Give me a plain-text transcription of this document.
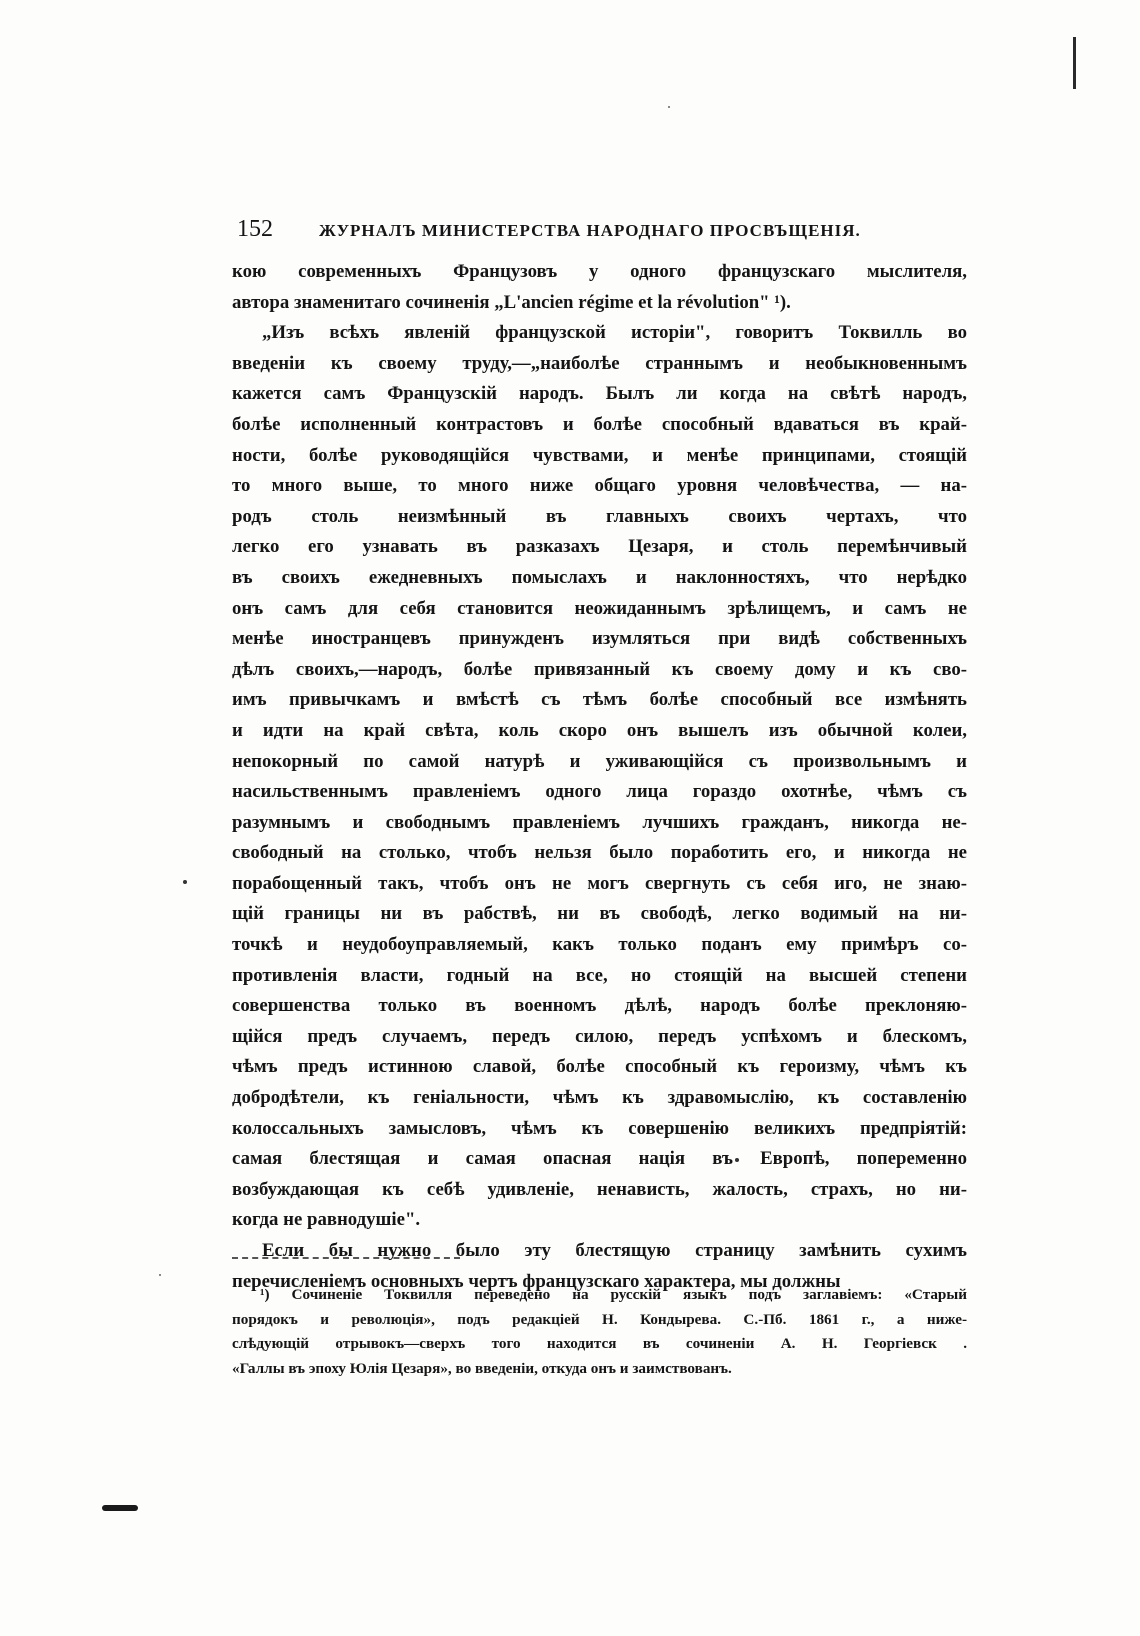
152	ЖУРНАЛЪ МИНИСТЕРСТВА НАРОДНАГО ПРОСВЪЩЕНІЯ.
кою современныхъ Французовъ у одного французскаго мыслителя,
автора знаменитаго сочиненія „L'ancien régime et la révolution" ¹).
„Изъ всѣхъ явленій французской исторіи", говоритъ Токвилль во
введеніи къ своему труду,—„наиболѣе страннымъ и необыкновеннымъ
кажется самъ Французскій народъ. Былъ ли когда на свѣтѣ народъ,
болѣе исполненный контрастовъ и болѣе способный вдаваться въ край-
ности, болѣе руководящійся чувствами, и менѣе принципами, стоящій
то много выше, то много ниже общаго уровня человѣчества, — на-
родъ столь неизмѣнный въ главныхъ своихъ чертахъ, что
легко его узнавать въ разказахъ Цезаря, и столь перемѣнчивый
въ своихъ ежедневныхъ помыслахъ и наклонностяхъ, что нерѣдко
онъ самъ для себя становится неожиданнымъ зрѣлищемъ, и самъ не
менѣе иностранцевъ принужденъ изумляться при видѣ собственныхъ
дѣлъ своихъ,—народъ, болѣе привязанный къ своему дому и къ сво-
имъ привычкамъ и вмѣстѣ съ тѣмъ болѣе способный все измѣнять
и идти на край свѣта, коль скоро онъ вышелъ изъ обычной колеи,
непокорный по самой натурѣ и уживающійся съ произвольнымъ и
насильственнымъ правленіемъ одного лица гораздо охотнѣе, чѣмъ съ
разумнымъ и свободнымъ правленіемъ лучшихъ гражданъ, никогда не-
свободный на столько, чтобъ нельзя было поработить его, и никогда не
порабощенный такъ, чтобъ онъ не могъ свергнуть съ себя иго, не знаю-
щій границы ни въ рабствѣ, ни въ свободѣ, легко водимый на ни-
точкѣ и неудобоуправляемый, какъ только поданъ ему примѣръ со-
противленія власти, годный на все, но стоящій на высшей степени
совершенства только въ военномъ дѣлѣ, народъ болѣе преклоняю-
щійся предъ случаемъ, передъ силою, передъ успѣхомъ и блескомъ,
чѣмъ предъ истинною славой, болѣе способный къ героизму, чѣмъ къ
добродѣтели, къ геніальности, чѣмъ къ здравомыслію, къ составленію
колоссальныхъ замысловъ, чѣмъ къ совершенію великихъ предпріятій:
самая блестящая и самая опасная нація въ Европѣ, попеременно
возбуждающая къ себѣ удивленіе, ненависть, жалость, страхъ, но ни-
когда не равнодушіе".
Если бы нужно было эту блестящую страницу замѣнить сухимъ
перечисленіемъ основныхъ чертъ французскаго характера, мы должны
¹) Сочиненіе Токвилля переведено на русскій языкъ подъ заглавіемъ: «Старый
порядокъ и революція», подъ редакціей Н. Кондырева. С.-Пб. 1861 г., а ниже-
слѣдующій отрывокъ—сверхъ того находится въ сочиненіи А. Н. Георгіевск .
«Галлы въ эпоху Юлія Цезаря», во введеніи, откуда онъ и заимствованъ.
